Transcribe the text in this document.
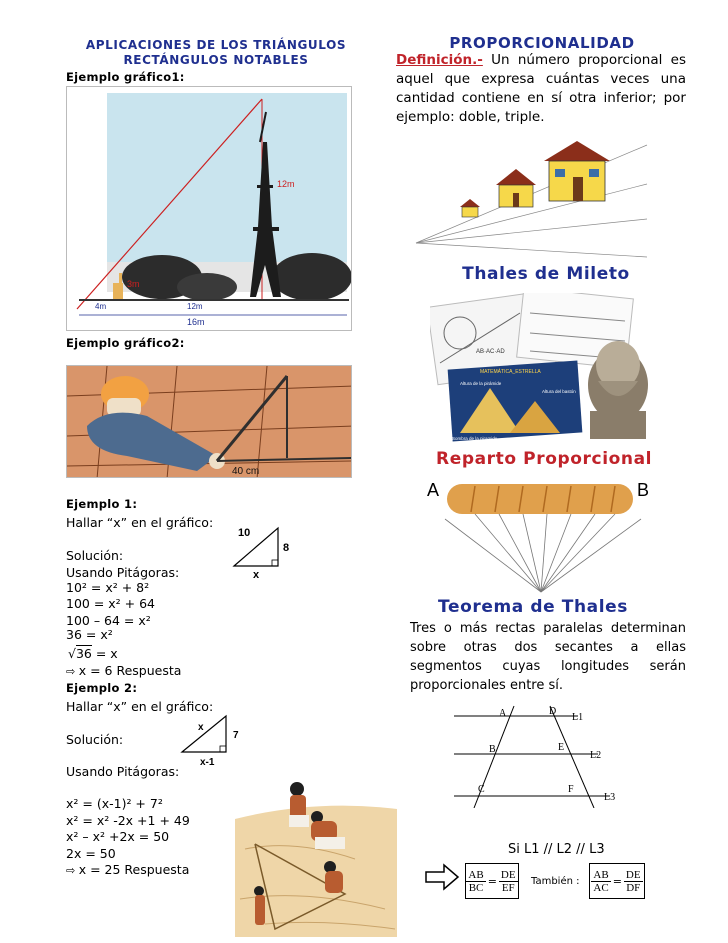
APLICACIONES DE LOS TRIÁNGULOS
RECTÁNGULOS NOTABLES
Ejemplo gráfico1:
12m
3m
4m	12m
16m
Ejemplo gráfico2:
40 cm
Ejemplo 1:
Hallar “x” en el gráfico:
10
8
x
Solución:
Usando Pitágoras:
10² = x² + 8²
100 = x² + 64
100 – 64 = x²
36 = x²
√36 = x
⇨ x = 6 Respuesta
Ejemplo 2:
Hallar “x” en el gráfico:
x
7
x-1
Solución:
Usando Pitágoras:
x² = (x-1)² + 7²
x² = x² -2x +1 + 49
x² – x² +2x = 50
2x = 50
⇨ x = 25 Respuesta
PROPORCIONALIDAD
Definición.- Un número proporcional es aquel que expresa cuántas veces una cantidad contiene en sí otra inferior; por ejemplo: doble, triple.
Thales de Mileto
AB·AC·AD
MATEMÁTICA_ESTRELLA
Sombra de la piramide	Sombra del baston
Altura del bastón
Altura de la pirámide
Reparto Proporcional
A	B
Teorema de Thales
Tres o más rectas paralelas determinan sobre otras dos secantes a ellas segmentos cuyas longitudes serán proporcionales entre sí.
A	D
L1
B	E
L2
C	F
L3
Si L1 // L2 // L3
$\frac{AB}{BC} = \frac{DE}{EF}$ También : $\frac{AB}{AC} = \frac{DE}{DF}$
